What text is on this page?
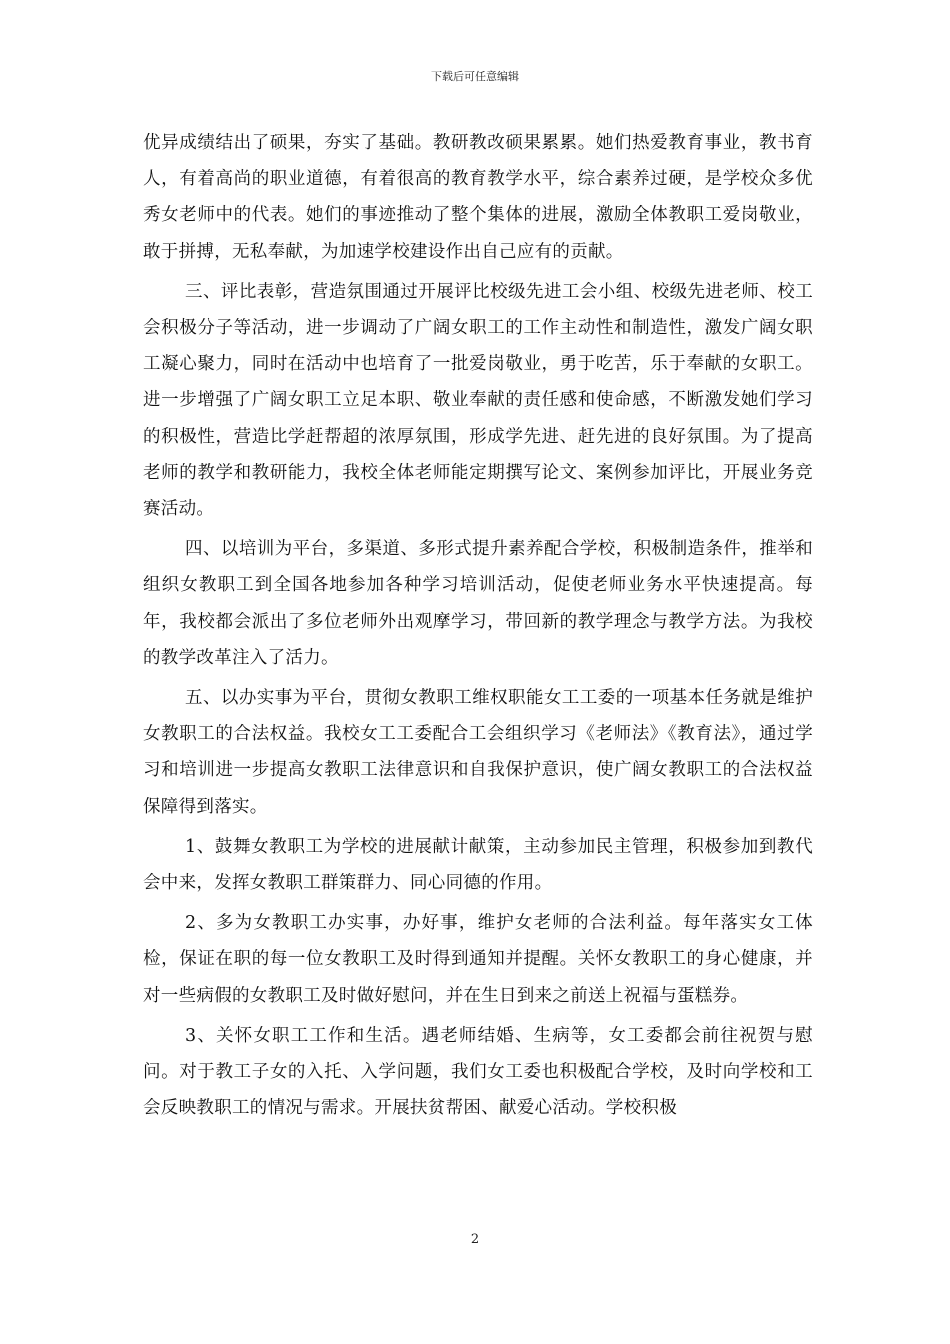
下载后可任意编辑

优异成绩结出了硕果，夯实了基础。教研教改硕果累累。她们热爱教育事业，教书育人，有着高尚的职业道德，有着很高的教育教学水平，综合素养过硬，是学校众多优秀女老师中的代表。她们的事迹推动了整个集体的进展，激励全体教职工爱岗敬业，敢于拼搏，无私奉献，为加速学校建设作出自己应有的贡献。

三、评比表彰，营造氛围通过开展评比校级先进工会小组、校级先进老师、校工会积极分子等活动，进一步调动了广阔女职工的工作主动性和制造性，激发广阔女职工凝心聚力，同时在活动中也培育了一批爱岗敬业，勇于吃苦，乐于奉献的女职工。进一步增强了广阔女职工立足本职、敬业奉献的责任感和使命感，不断激发她们学习的积极性，营造比学赶帮超的浓厚氛围，形成学先进、赶先进的良好氛围。为了提高老师的教学和教研能力，我校全体老师能定期撰写论文、案例参加评比，开展业务竞赛活动。

四、以培训为平台，多渠道、多形式提升素养配合学校，积极制造条件，推举和组织女教职工到全国各地参加各种学习培训活动，促使老师业务水平快速提高。每年，我校都会派出了多位老师外出观摩学习，带回新的教学理念与教学方法。为我校的教学改革注入了活力。

五、以办实事为平台，贯彻女教职工维权职能女工工委的一项基本任务就是维护女教职工的合法权益。我校女工工委配合工会组织学习《老师法》《教育法》，通过学习和培训进一步提高女教职工法律意识和自我保护意识，使广阔女教职工的合法权益保障得到落实。

1、鼓舞女教职工为学校的进展献计献策，主动参加民主管理，积极参加到教代会中来，发挥女教职工群策群力、同心同德的作用。

2、多为女教职工办实事，办好事，维护女老师的合法利益。每年落实女工体检，保证在职的每一位女教职工及时得到通知并提醒。关怀女教职工的身心健康，并对一些病假的女教职工及时做好慰问，并在生日到来之前送上祝福与蛋糕券。

3、关怀女职工工作和生活。遇老师结婚、生病等，女工委都会前往祝贺与慰问。对于教工子女的入托、入学问题，我们女工委也积极配合学校，及时向学校和工会反映教职工的情况与需求。开展扶贫帮困、献爱心活动。学校积极

2
